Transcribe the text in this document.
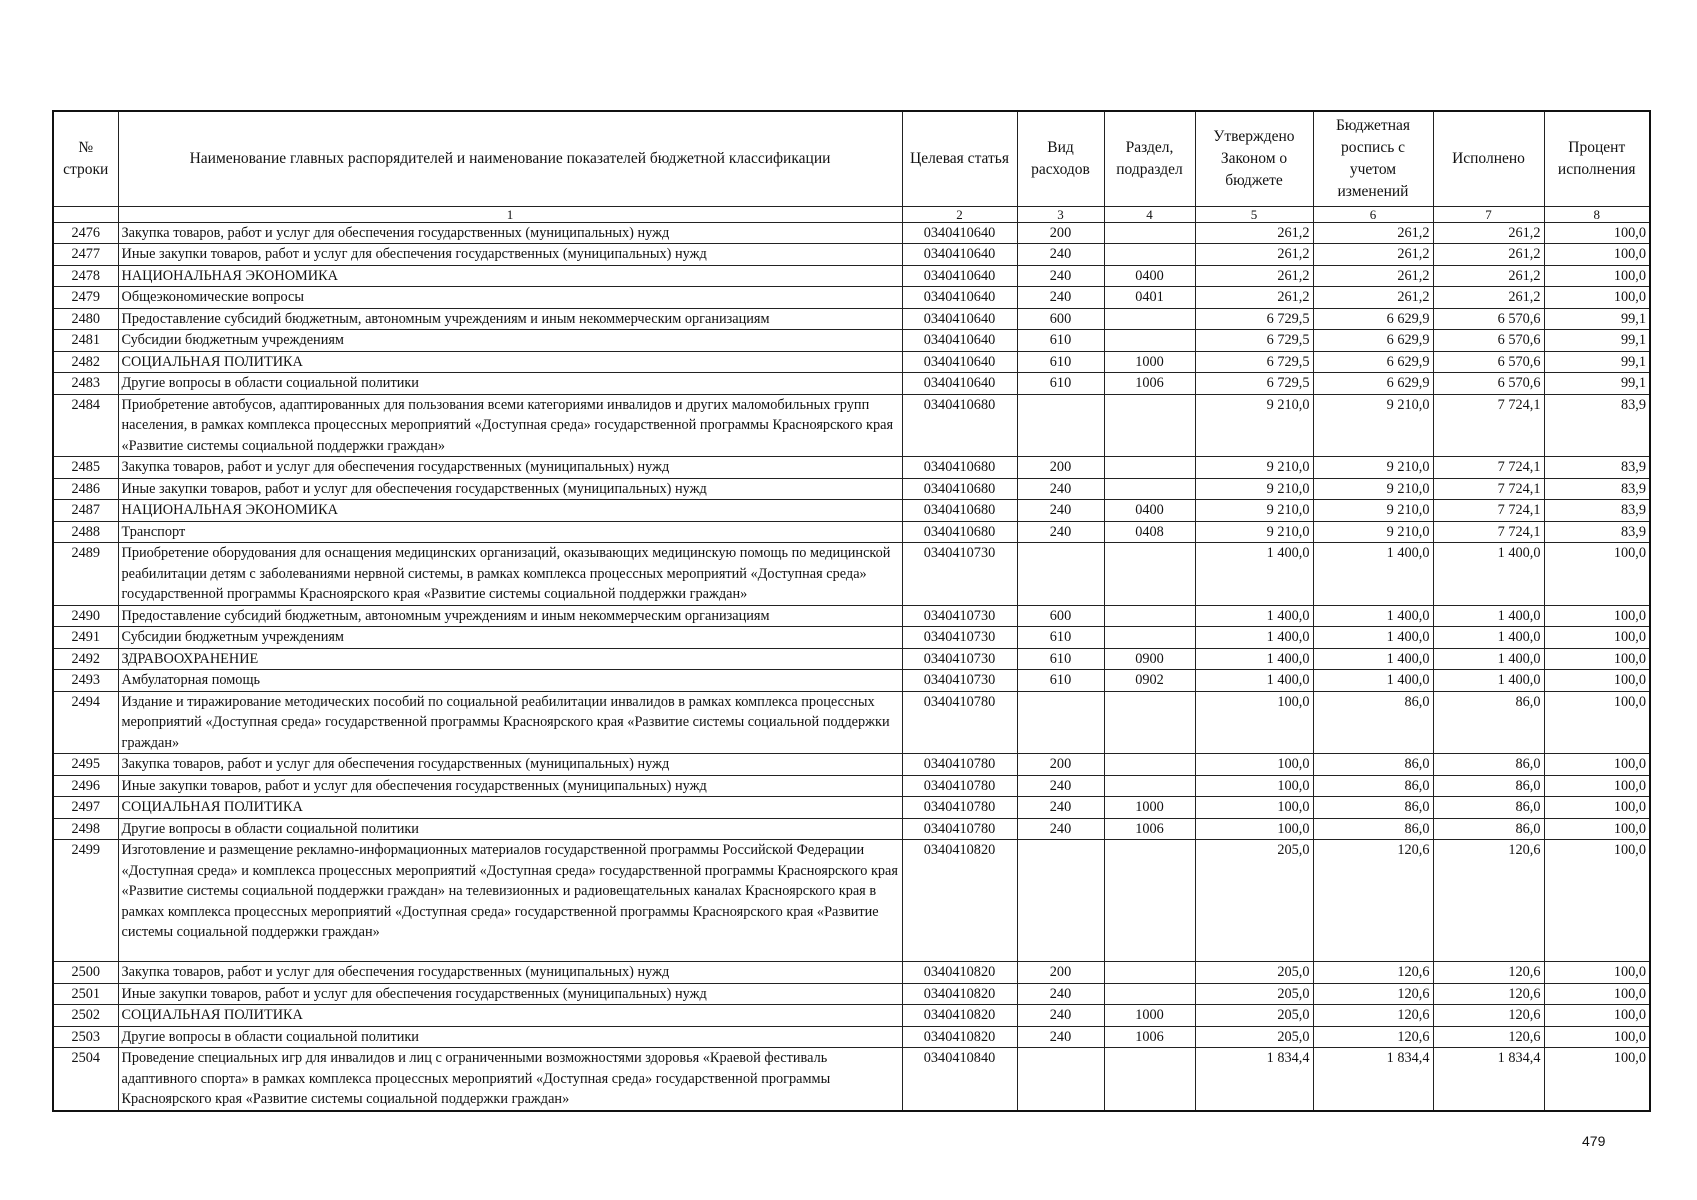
№ строки	Наименование главных распорядителей и наименование показателей бюджетной классификации	Целевая статья	Вид расходов	Раздел, подраздел	Утверждено Законом о бюджете	Бюджетная роспись с учетом изменений	Исполнено	Процент исполнения
	1	2	3	4	5	6	7	8
2476	Закупка товаров, работ и услуг для обеспечения государственных (муниципальных) нужд	0340410640	200		261,2	261,2	261,2	100,0
2477	Иные закупки товаров, работ и услуг для обеспечения государственных (муниципальных) нужд	0340410640	240		261,2	261,2	261,2	100,0
2478	НАЦИОНАЛЬНАЯ ЭКОНОМИКА	0340410640	240	0400	261,2	261,2	261,2	100,0
2479	Общеэкономические вопросы	0340410640	240	0401	261,2	261,2	261,2	100,0
2480	Предоставление субсидий бюджетным, автономным учреждениям и иным некоммерческим организациям	0340410640	600		6 729,5	6 629,9	6 570,6	99,1
2481	Субсидии бюджетным учреждениям	0340410640	610		6 729,5	6 629,9	6 570,6	99,1
2482	СОЦИАЛЬНАЯ ПОЛИТИКА	0340410640	610	1000	6 729,5	6 629,9	6 570,6	99,1
2483	Другие вопросы в области социальной политики	0340410640	610	1006	6 729,5	6 629,9	6 570,6	99,1
2484	Приобретение автобусов, адаптированных для пользования всеми категориями инвалидов и других маломобильных групп населения, в рамках комплекса процессных мероприятий «Доступная среда» государственной программы Красноярского края «Развитие системы социальной поддержки граждан»	0340410680			9 210,0	9 210,0	7 724,1	83,9
2485	Закупка товаров, работ и услуг для обеспечения государственных (муниципальных) нужд	0340410680	200		9 210,0	9 210,0	7 724,1	83,9
2486	Иные закупки товаров, работ и услуг для обеспечения государственных (муниципальных) нужд	0340410680	240		9 210,0	9 210,0	7 724,1	83,9
2487	НАЦИОНАЛЬНАЯ ЭКОНОМИКА	0340410680	240	0400	9 210,0	9 210,0	7 724,1	83,9
2488	Транспорт	0340410680	240	0408	9 210,0	9 210,0	7 724,1	83,9
2489	Приобретение оборудования для оснащения медицинских организаций, оказывающих медицинскую помощь по медицинской реабилитации детям с заболеваниями нервной системы, в рамках комплекса процессных мероприятий «Доступная среда» государственной программы Красноярского края «Развитие системы социальной поддержки граждан»	0340410730			1 400,0	1 400,0	1 400,0	100,0
2490	Предоставление субсидий бюджетным, автономным учреждениям и иным некоммерческим организациям	0340410730	600		1 400,0	1 400,0	1 400,0	100,0
2491	Субсидии бюджетным учреждениям	0340410730	610		1 400,0	1 400,0	1 400,0	100,0
2492	ЗДРАВООХРАНЕНИЕ	0340410730	610	0900	1 400,0	1 400,0	1 400,0	100,0
2493	Амбулаторная помощь	0340410730	610	0902	1 400,0	1 400,0	1 400,0	100,0
2494	Издание и тиражирование методических пособий по социальной реабилитации инвалидов в рамках комплекса процессных мероприятий «Доступная среда» государственной программы Красноярского края «Развитие системы социальной поддержки граждан»	0340410780			100,0	86,0	86,0	100,0
2495	Закупка товаров, работ и услуг для обеспечения государственных (муниципальных) нужд	0340410780	200		100,0	86,0	86,0	100,0
2496	Иные закупки товаров, работ и услуг для обеспечения государственных (муниципальных) нужд	0340410780	240		100,0	86,0	86,0	100,0
2497	СОЦИАЛЬНАЯ ПОЛИТИКА	0340410780	240	1000	100,0	86,0	86,0	100,0
2498	Другие вопросы в области социальной политики	0340410780	240	1006	100,0	86,0	86,0	100,0
2499	Изготовление и размещение рекламно-информационных материалов государственной программы Российской Федерации «Доступная среда» и комплекса процессных мероприятий «Доступная среда» государственной программы Красноярского края «Развитие системы социальной поддержки граждан» на телевизионных и радиовещательных каналах Красноярского края в рамках комплекса процессных мероприятий «Доступная среда» государственной программы Красноярского края «Развитие системы социальной поддержки граждан»	0340410820			205,0	120,6	120,6	100,0
2500	Закупка товаров, работ и услуг для обеспечения государственных (муниципальных) нужд	0340410820	200		205,0	120,6	120,6	100,0
2501	Иные закупки товаров, работ и услуг для обеспечения государственных (муниципальных) нужд	0340410820	240		205,0	120,6	120,6	100,0
2502	СОЦИАЛЬНАЯ ПОЛИТИКА	0340410820	240	1000	205,0	120,6	120,6	100,0
2503	Другие вопросы в области социальной политики	0340410820	240	1006	205,0	120,6	120,6	100,0
2504	Проведение специальных игр для инвалидов и лиц с ограниченными возможностями здоровья «Краевой фестиваль адаптивного спорта» в рамках комплекса процессных мероприятий «Доступная среда» государственной программы Красноярского края «Развитие системы социальной поддержки граждан»	0340410840			1 834,4	1 834,4	1 834,4	100,0
479
